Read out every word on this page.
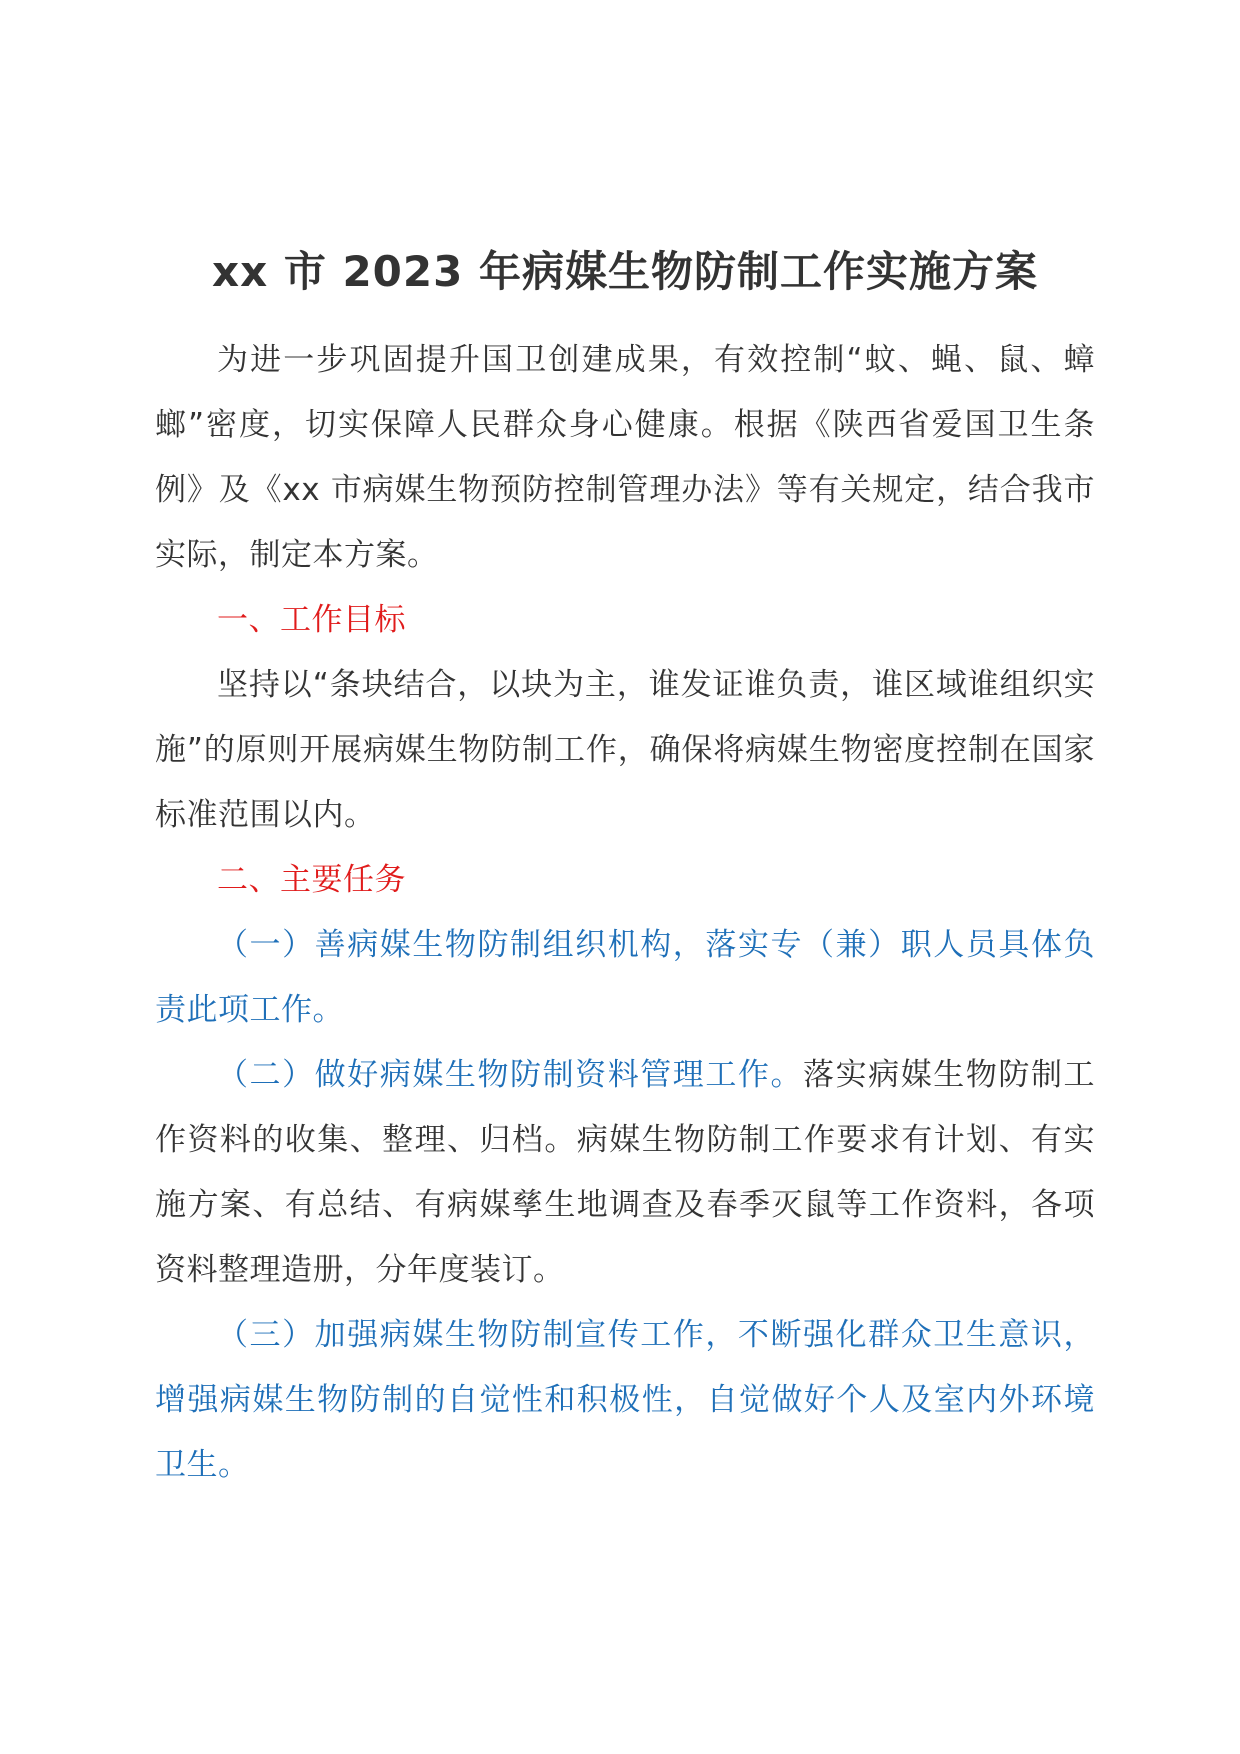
xx 市 2023 年病媒生物防制工作实施方案

为进一步巩固提升国卫创建成果，有效控制“蚊、蝇、鼠、蟑螂”密度，切实保障人民群众身心健康。根据《陕西省爱国卫生条例》及《xx 市病媒生物预防控制管理办法》等有关规定，结合我市实际，制定本方案。

一、工作目标

坚持以“条块结合，以块为主，谁发证谁负责，谁区域谁组织实施”的原则开展病媒生物防制工作，确保将病媒生物密度控制在国家标准范围以内。

二、主要任务

（一）善病媒生物防制组织机构，落实专（兼）职人员具体负责此项工作。

（二）做好病媒生物防制资料管理工作。落实病媒生物防制工作资料的收集、整理、归档。病媒生物防制工作要求有计划、有实施方案、有总结、有病媒孳生地调查及春季灭鼠等工作资料，各项资料整理造册，分年度装订。

（三）加强病媒生物防制宣传工作，不断强化群众卫生意识，增强病媒生物防制的自觉性和积极性，自觉做好个人及室内外环境卫生。
